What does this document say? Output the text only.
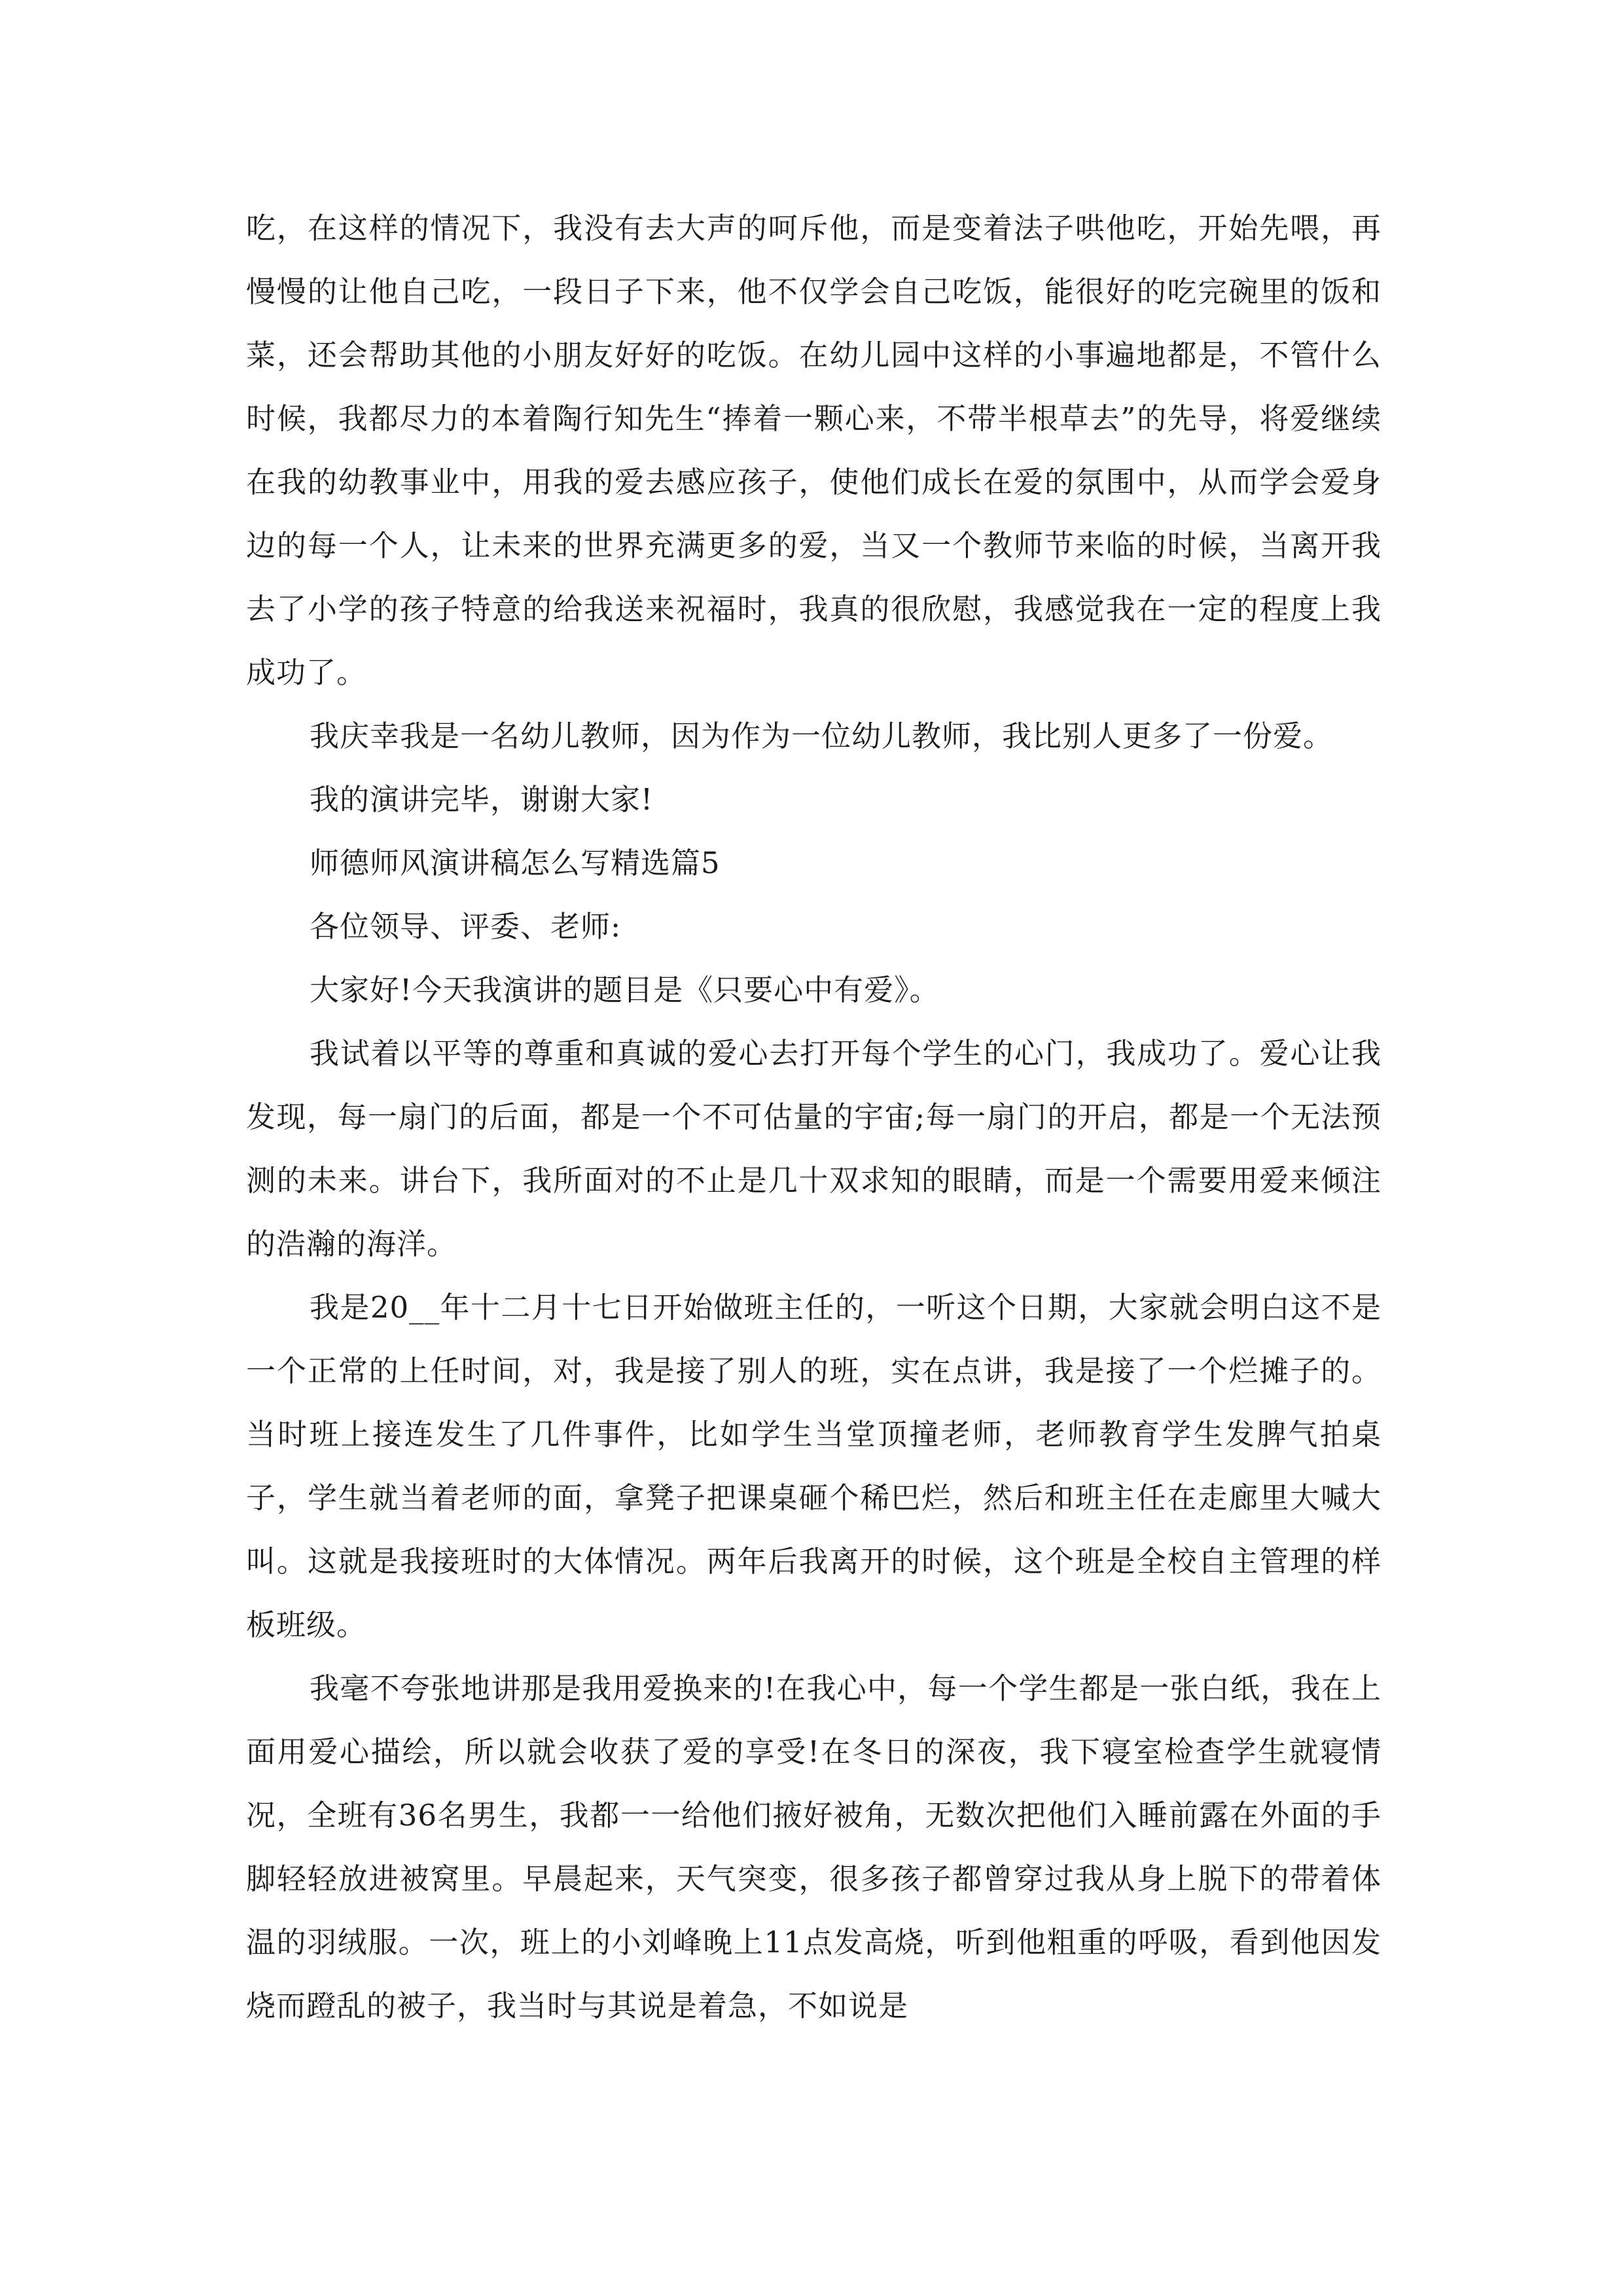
吃，在这样的情况下，我没有去大声的呵斥他，而是变着法子哄他吃，开始先喂，再慢慢的让他自己吃，一段日子下来，他不仅学会自己吃饭，能很好的吃完碗里的饭和菜，还会帮助其他的小朋友好好的吃饭。在幼儿园中这样的小事遍地都是，不管什么时候，我都尽力的本着陶行知先生“捧着一颗心来，不带半根草去”的先导，将爱继续在我的幼教事业中，用我的爱去感应孩子，使他们成长在爱的氛围中，从而学会爱身边的每一个人，让未来的世界充满更多的爱，当又一个教师节来临的时候，当离开我去了小学的孩子特意的给我送来祝福时，我真的很欣慰，我感觉我在一定的程度上我成功了。

我庆幸我是一名幼儿教师，因为作为一位幼儿教师，我比别人更多了一份爱。

我的演讲完毕，谢谢大家!

师德师风演讲稿怎么写精选篇5

各位领导、评委、老师:

大家好!今天我演讲的题目是《只要心中有爱》。

我试着以平等的尊重和真诚的爱心去打开每个学生的心门，我成功了。爱心让我发现，每一扇门的后面，都是一个不可估量的宇宙;每一扇门的开启，都是一个无法预测的未来。讲台下，我所面对的不止是几十双求知的眼睛，而是一个需要用爱来倾注的浩瀚的海洋。

我是20__年十二月十七日开始做班主任的，一听这个日期，大家就会明白这不是一个正常的上任时间，对，我是接了别人的班，实在点讲，我是接了一个烂摊子的。当时班上接连发生了几件事件，比如学生当堂顶撞老师，老师教育学生发脾气拍桌子，学生就当着老师的面，拿凳子把课桌砸个稀巴烂，然后和班主任在走廊里大喊大叫。这就是我接班时的大体情况。两年后我离开的时候，这个班是全校自主管理的样板班级。

我毫不夸张地讲那是我用爱换来的!在我心中，每一个学生都是一张白纸，我在上面用爱心描绘，所以就会收获了爱的享受!在冬日的深夜，我下寝室检查学生就寝情况，全班有36名男生，我都一一给他们掖好被角，无数次把他们入睡前露在外面的手脚轻轻放进被窝里。早晨起来，天气突变，很多孩子都曾穿过我从身上脱下的带着体温的羽绒服。一次，班上的小刘峰晚上11点发高烧，听到他粗重的呼吸，看到他因发烧而蹬乱的被子，我当时与其说是着急，不如说是
